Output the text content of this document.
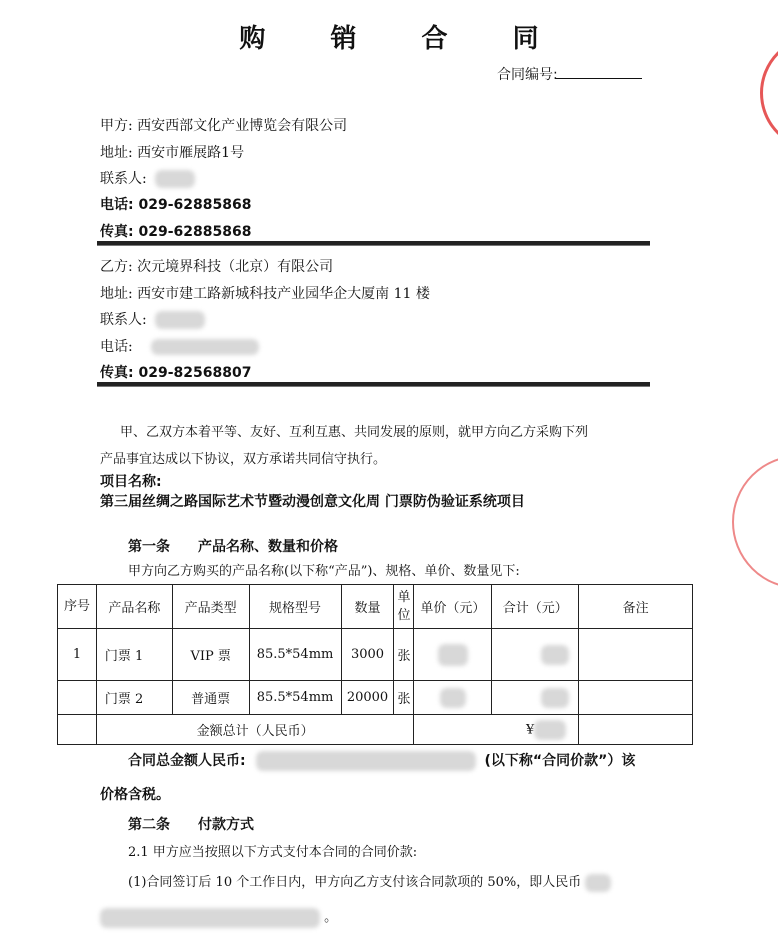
购 销 合 同
合同编号:
甲方: 西安西部文化产业博览会有限公司
地址: 西安市雁展路1号
联系人:
电话: 029-62885868
传真: 029-62885868
乙方: 次元境界科技（北京）有限公司
地址: 西安市建工路新城科技产业园华企大厦南 11 楼
联系人:
电话:
传真: 029-82568807
甲、乙双方本着平等、友好、互利互惠、共同发展的原则，就甲方向乙方采购下列
产品事宜达成以下协议，双方承诺共同信守执行。
项目名称:
第三届丝绸之路国际艺术节暨动漫创意文化周 门票防伪验证系统项目
第一条　　产品名称、数量和价格
甲方向乙方购买的产品名称(以下称“产品”)、规格、单价、数量见下:
序号	产品名称	产品类型	规格型号	数量	单位	单价（元）	合计（元）	备注
1	门票 1	VIP 票	85.5*54mm	3000	张			
	门票 2	普通票	85.5*54mm	20000	张			
	金额总计（人民币）					¥		
合同总金额人民币:	(以下称“合同价款”）该
价格含税。
第二条　　付款方式
2.1 甲方应当按照以下方式支付本合同的合同价款:
(1)合同签订后 10 个工作日内，甲方向乙方支付该合同款项的 50%，即人民币
。
